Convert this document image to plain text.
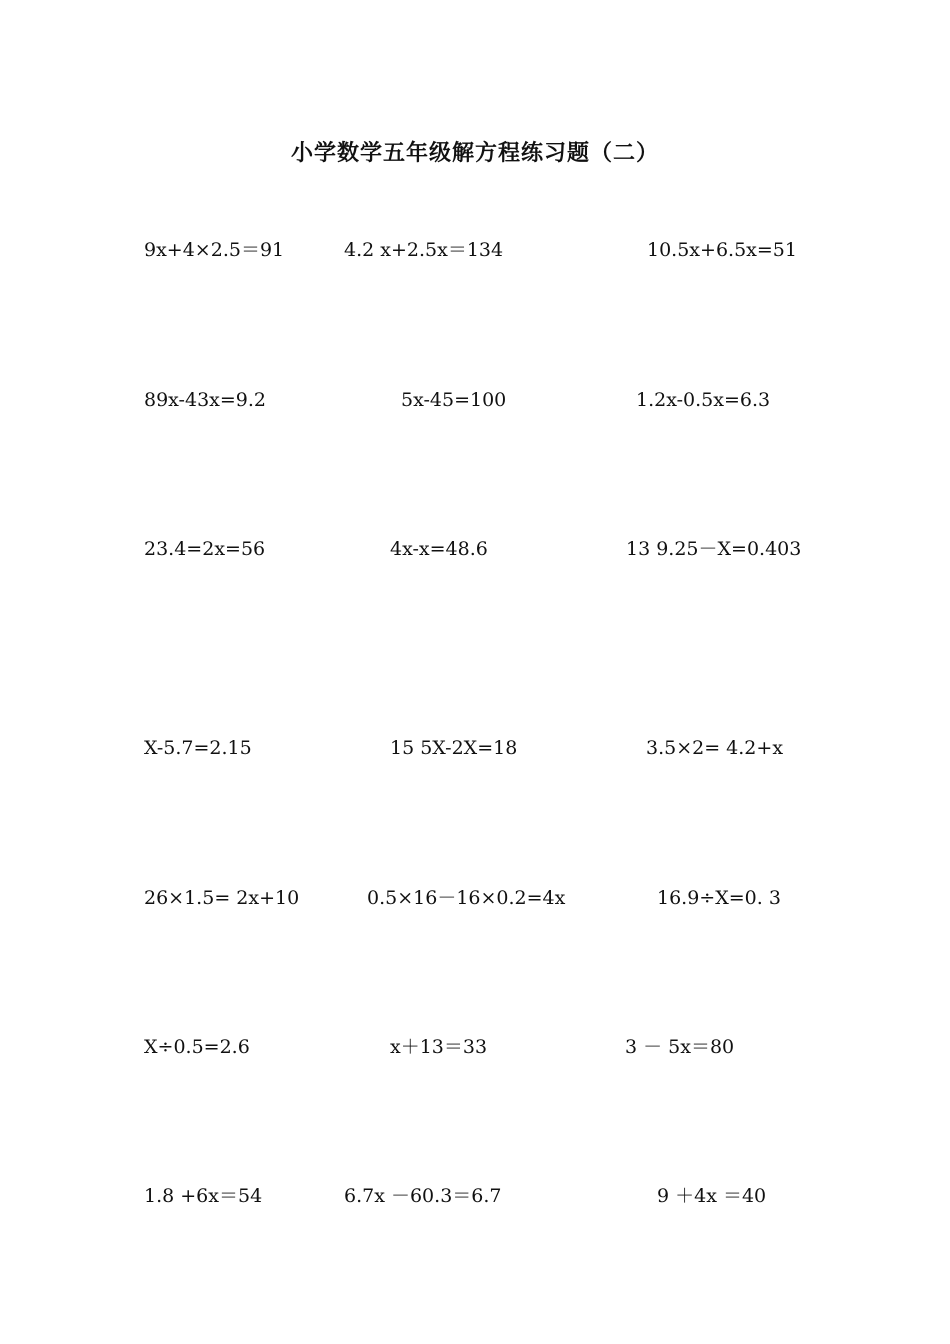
小学数学五年级解方程练习题（二）
9x+4×2.5＝91	4.2 x+2.5x＝134	10.5x+6.5x=51
89x-43x=9.2	5x-45=100	1.2x-0.5x=6.3
23.4=2x=56	4x-x=48.6	13 9.25－X=0.403
X-5.7=2.15	15 5X-2X=18	3.5×2= 4.2+x
26×1.5= 2x+10	0.5×16－16×0.2=4x	16.9÷X=0. 3
X÷0.5=2.6	x＋13＝33	3 － 5x＝80
1.8 +6x＝54	6.7x －60.3＝6.7	9 ＋4x ＝40
